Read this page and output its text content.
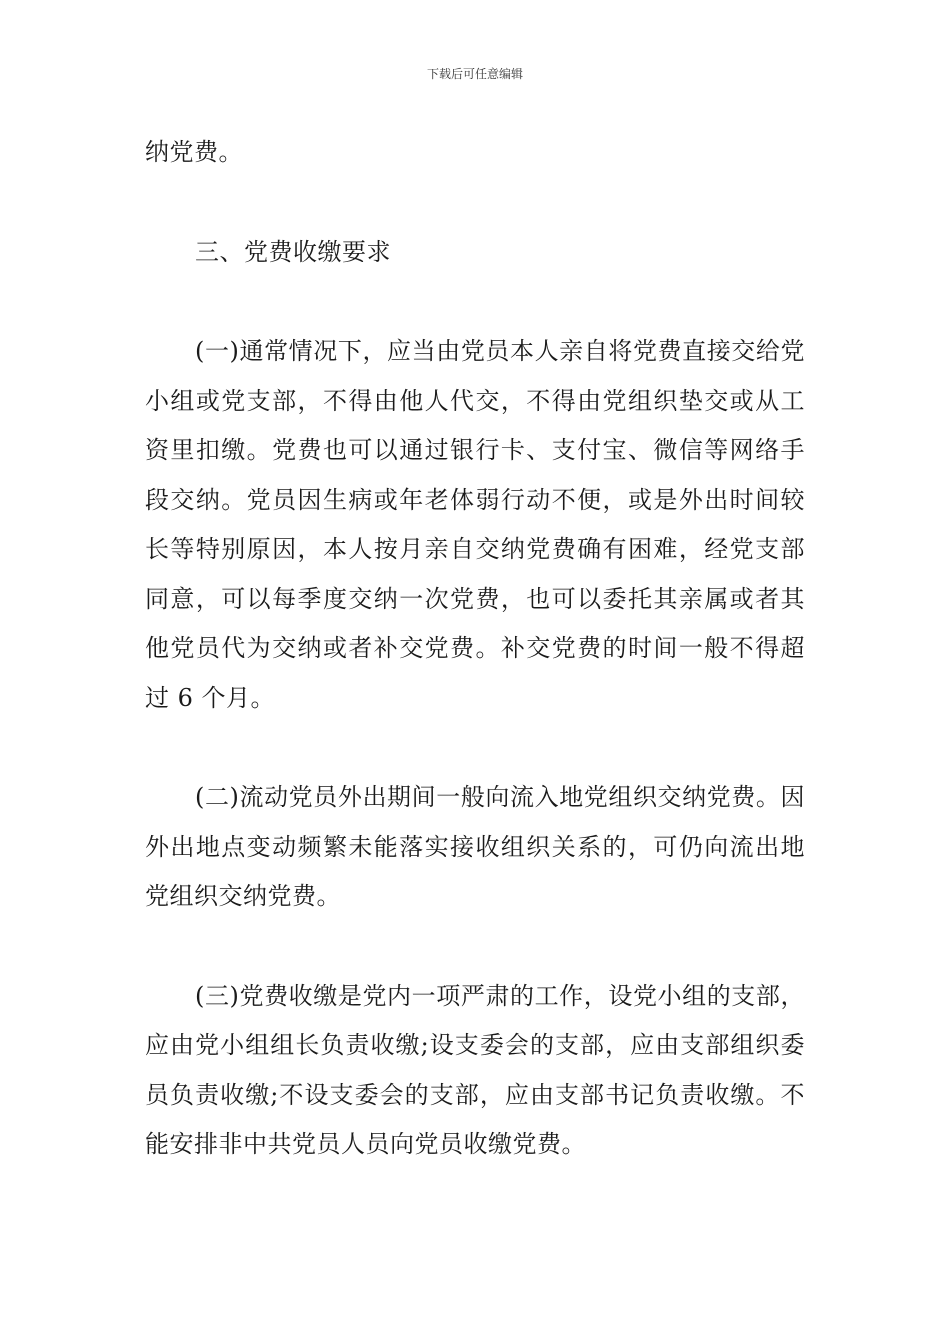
下载后可任意编辑

纳党费。

三、党费收缴要求

(一)通常情况下，应当由党员本人亲自将党费直接交给党小组或党支部，不得由他人代交，不得由党组织垫交或从工资里扣缴。党费也可以通过银行卡、支付宝、微信等网络手段交纳。党员因生病或年老体弱行动不便，或是外出时间较长等特别原因，本人按月亲自交纳党费确有困难，经党支部同意，可以每季度交纳一次党费，也可以委托其亲属或者其他党员代为交纳或者补交党费。补交党费的时间一般不得超过 6 个月。

(二)流动党员外出期间一般向流入地党组织交纳党费。因外出地点变动频繁未能落实接收组织关系的，可仍向流出地党组织交纳党费。

(三)党费收缴是党内一项严肃的工作，设党小组的支部，应由党小组组长负责收缴;设支委会的支部，应由支部组织委员负责收缴;不设支委会的支部，应由支部书记负责收缴。不能安排非中共党员人员向党员收缴党费。
